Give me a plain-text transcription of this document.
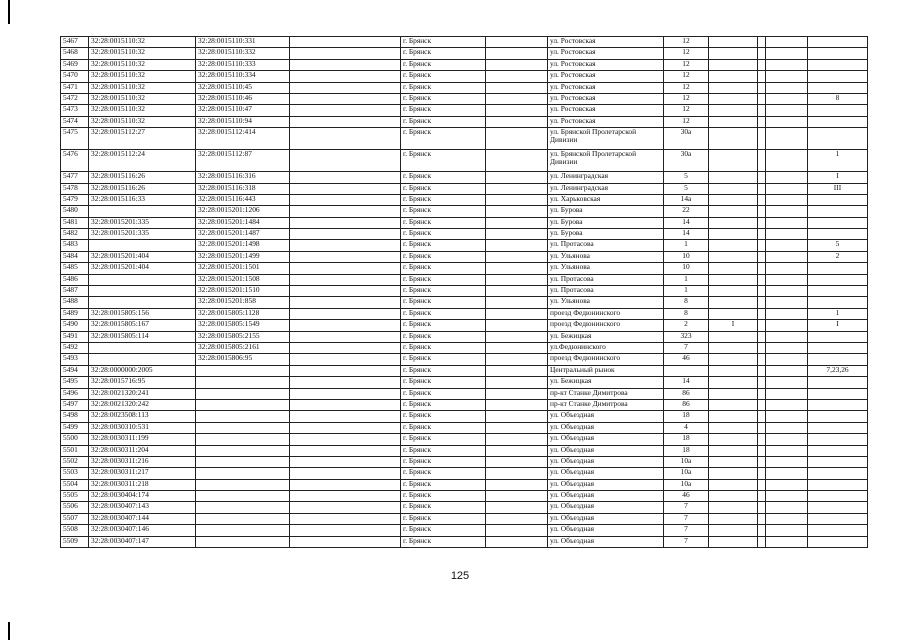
5467	32:28:0015110:32	32:28:0015110:331		г. Брянск		ул. Ростовская	12				
5468	32:28:0015110:32	32:28:0015110:332		г. Брянск		ул. Ростовская	12				
5469	32:28:0015110:32	32:28:0015110:333		г. Брянск		ул. Ростовская	12				
5470	32:28:0015110:32	32:28:0015110:334		г. Брянск		ул. Ростовская	12				
5471	32:28:0015110:32	32:28:0015110:45		г. Брянск		ул. Ростовская	12				
5472	32:28:0015110:32	32:28:0015110:46		г. Брянск		ул. Ростовская	12				8
5473	32:28:0015110:32	32:28:0015110:47		г. Брянск		ул. Ростовская	12				
5474	32:28:0015110:32	32:28:0015110:94		г. Брянск		ул. Ростовская	12				
5475	32:28:0015112:27	32:28:0015112:414		г. Брянск		ул. Брянской Пролетарской Дивизии	30а				
5476	32:28:0015112:24	32:28:0015112:87		г. Брянск		ул. Брянской Пролетарской Дивизии	30а				1
5477	32:28:0015116:26	32:28:0015116:316		г. Брянск		ул. Ленинградская	5				I
5478	32:28:0015116:26	32:28:0015116:318		г. Брянск		ул. Ленинградская	5				III
5479	32:28:0015116:33	32:28:0015116:443		г. Брянск		ул. Харьковская	14а				
5480		32:28:0015201:1206		г. Брянск		ул. Бурова	22				
5481	32:28:0015201:335	32:28:0015201:1484		г. Брянск		ул. Бурова	14				
5482	32:28:0015201:335	32:28:0015201:1487		г. Брянск		ул. Бурова	14				
5483		32:28:0015201:1498		г. Брянск		ул. Протасова	1				5
5484	32:28:0015201:404	32:28:0015201:1499		г. Брянск		ул. Ульянова	10				2
5485	32:28:0015201:404	32:28:0015201:1501		г. Брянск		ул. Ульянова	10				
5486		32:28:0015201:1508		г. Брянск		ул. Протасова	1				
5487		32:28:0015201:1510		г. Брянск		ул. Протасова	1				
5488		32:28:0015201:858		г. Брянск		ул. Ульянова	8				
5489	32:28:0015805:156	32:28:0015805:1128		г. Брянск		проезд Федюнинского	8				1
5490	32:28:0015805:167	32:28:0015805:1549		г. Брянск		проезд Федюнинского	2	I			I
5491	32:28:0015805:114	32:28:0015805:2155		г. Брянск		ул. Бежицкая	323				
5492		32:28:0015805:2161		г. Брянск		ул.Федюнинского	7				
5493		32:28:0015806:95		г. Брянск		проезд Федюнинского	46				
5494	32:28:0000000:2005			г. Брянск		Центральный рынок					7,23,26
5495	32:28:0015716:95			г. Брянск		ул. Бежицкая	14				
5496	32:28:0021320:241			г. Брянск		пр-кт Станке Димитрова	86				
5497	32:28:0021320:242			г. Брянск		пр-кт Станке Димитрова	86				
5498	32:28:0023508:113			г. Брянск		ул. Объездная	18				
5499	32:28:0030310:531			г. Брянск		ул. Объездная	4				
5500	32:28:0030311:199			г. Брянск		ул. Объездная	18				
5501	32:28:0030311:204			г. Брянск		ул. Объездная	18				
5502	32:28:0030311:216			г. Брянск		ул. Объездная	10а				
5503	32:28:0030311:217			г. Брянск		ул. Объездная	10а				
5504	32:28:0030311:218			г. Брянск		ул. Объездная	10а				
5505	32:28:0030404:174			г. Брянск		ул. Объездная	46				
5506	32:28:0030407:143			г. Брянск		ул. Объездная	7				
5507	32:28:0030407:144			г. Брянск		ул. Объездная	7				
5508	32:28:0030407:146			г. Брянск		ул. Объездная	7				
5509	32:28:0030407:147			г. Брянск		ул. Объездная	7				
125
